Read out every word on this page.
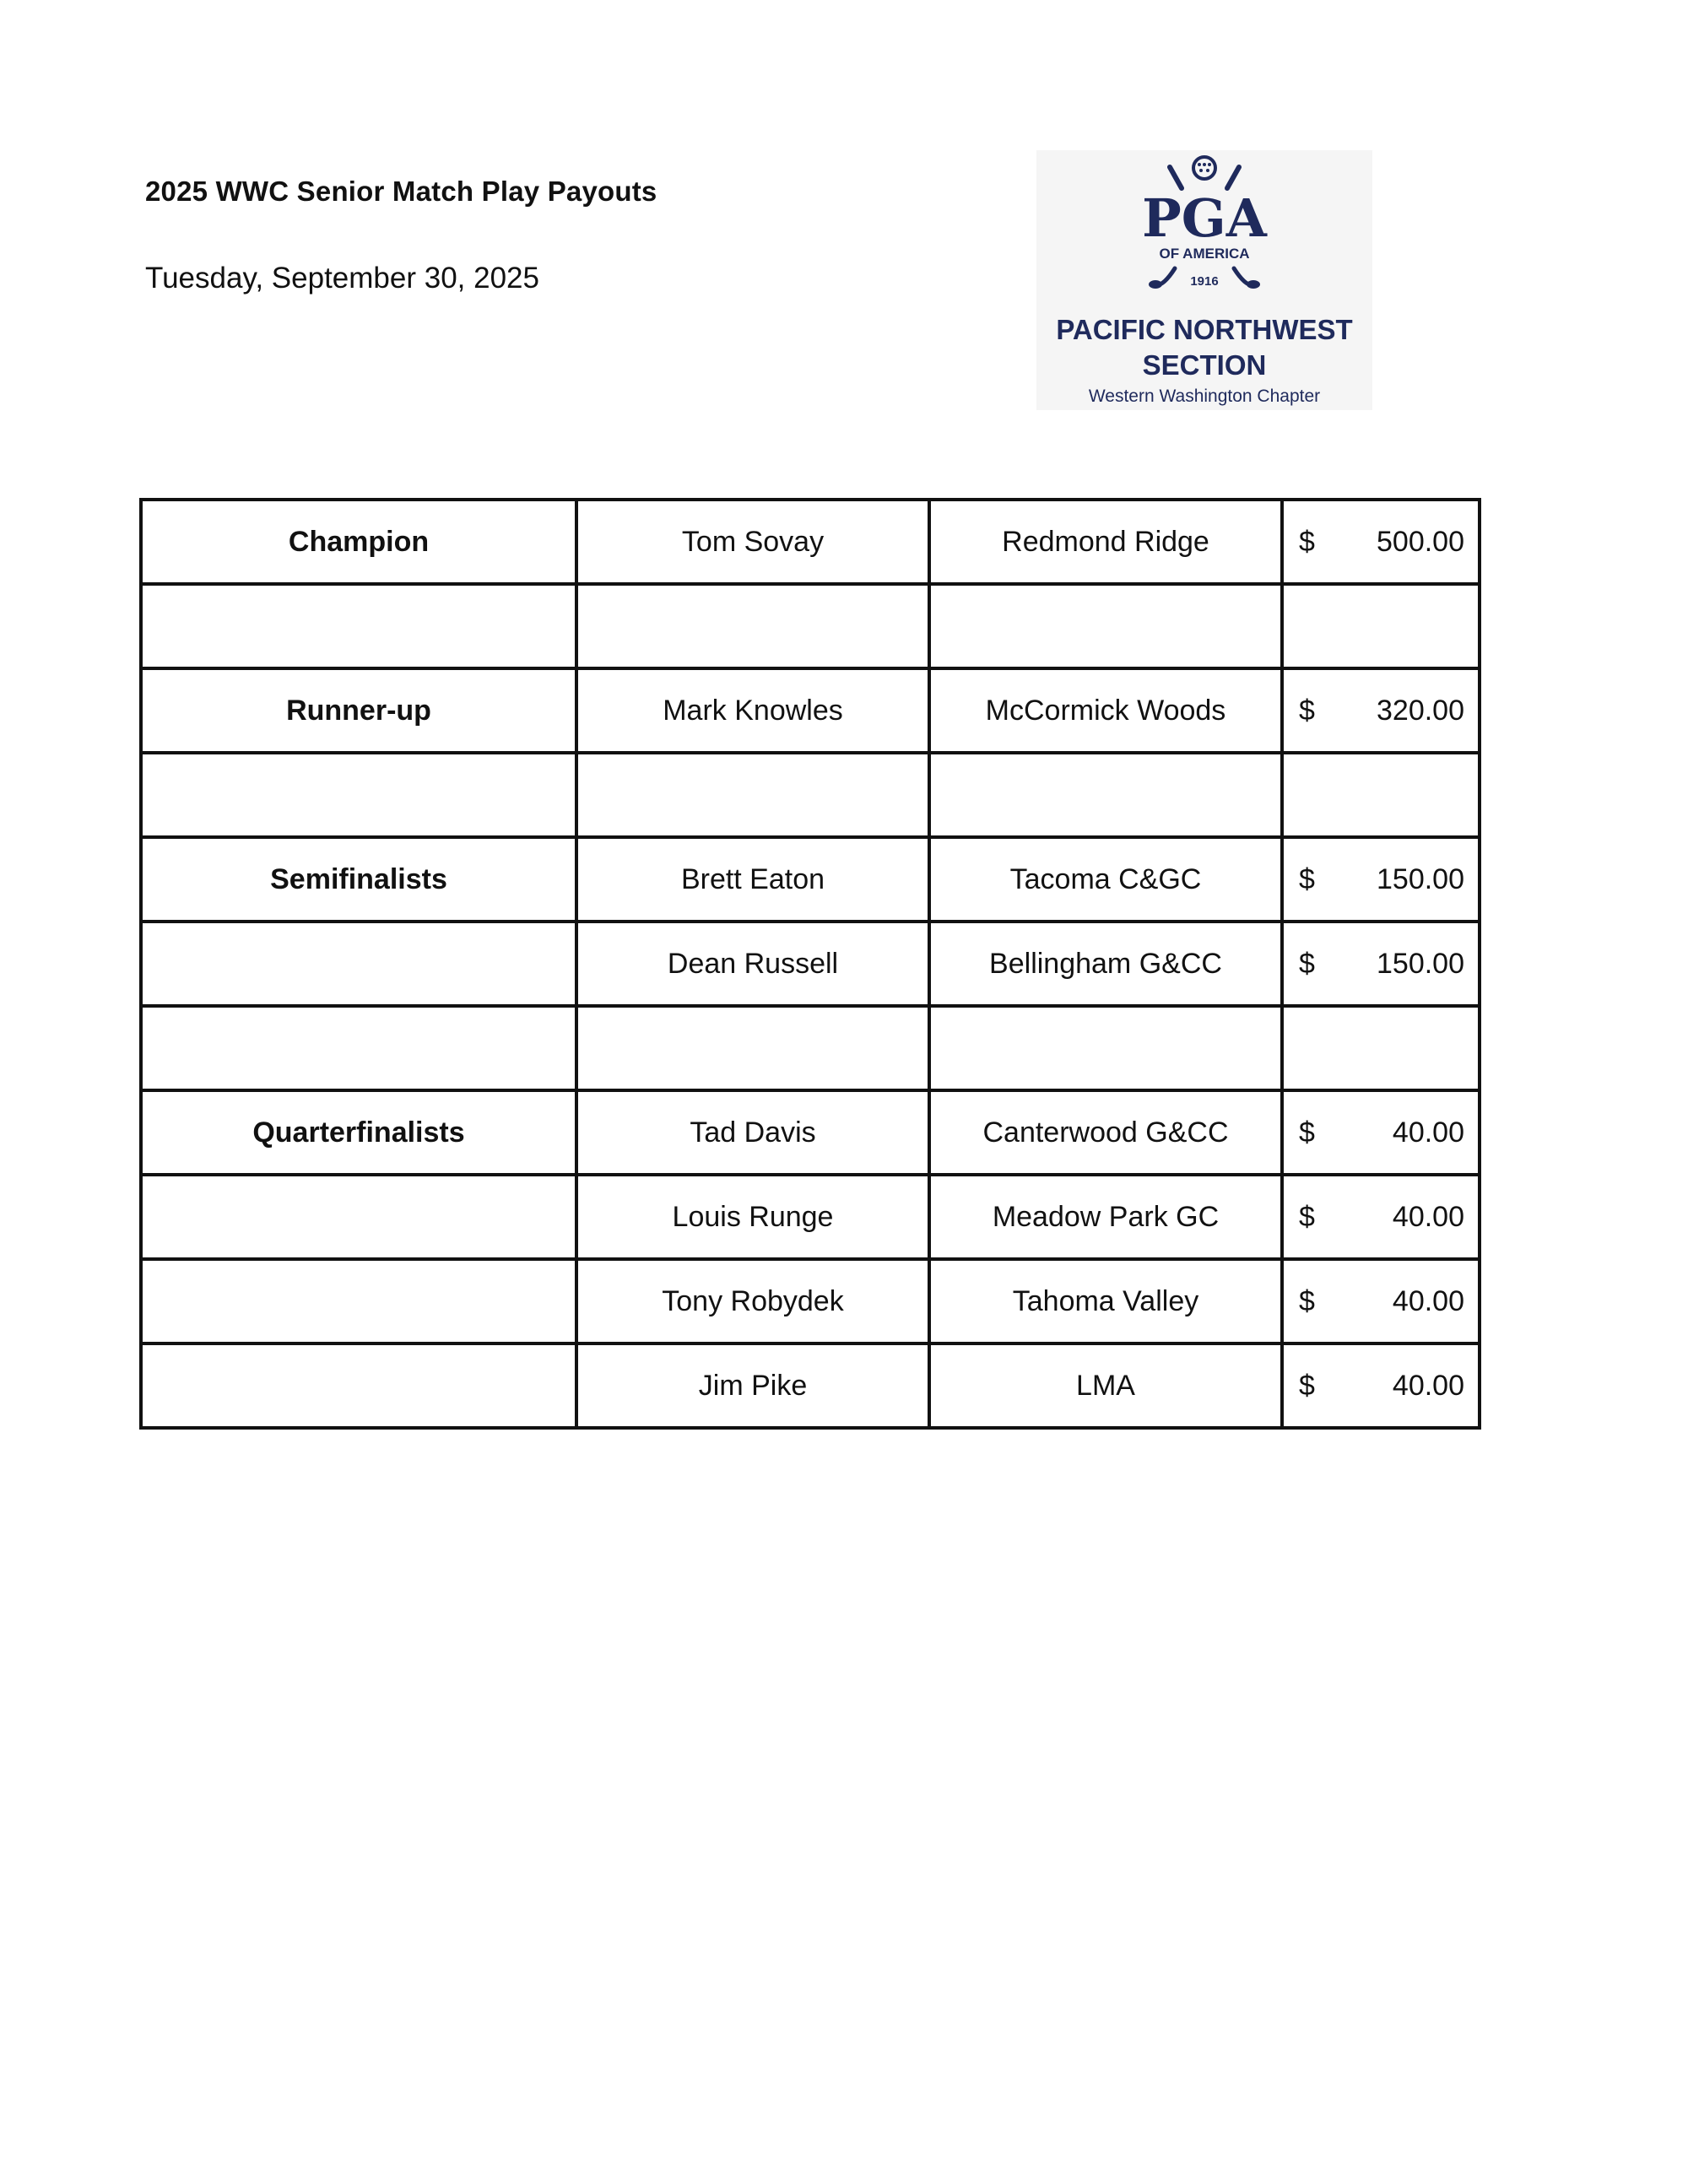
2025 WWC Senior Match Play Payouts
Tuesday, September 30, 2025
PGA
OF AMERICA
1916
PACIFIC NORTHWEST
SECTION
Western Washington Chapter
Champion	Tom Sovay	Redmond Ridge	$ 500.00

Runner-up	Mark Knowles	McCormick Woods	$ 320.00

Semifinalists	Brett Eaton	Tacoma C&GC	$ 150.00

	Dean Russell	Bellingham G&CC	$ 150.00

Quarterfinalists	Tad Davis	Canterwood G&CC	$ 40.00

	Louis Runge	Meadow Park GC	$ 40.00

	Tony Robydek	Tahoma Valley	$ 40.00

	Jim Pike	LMA	$ 40.00
